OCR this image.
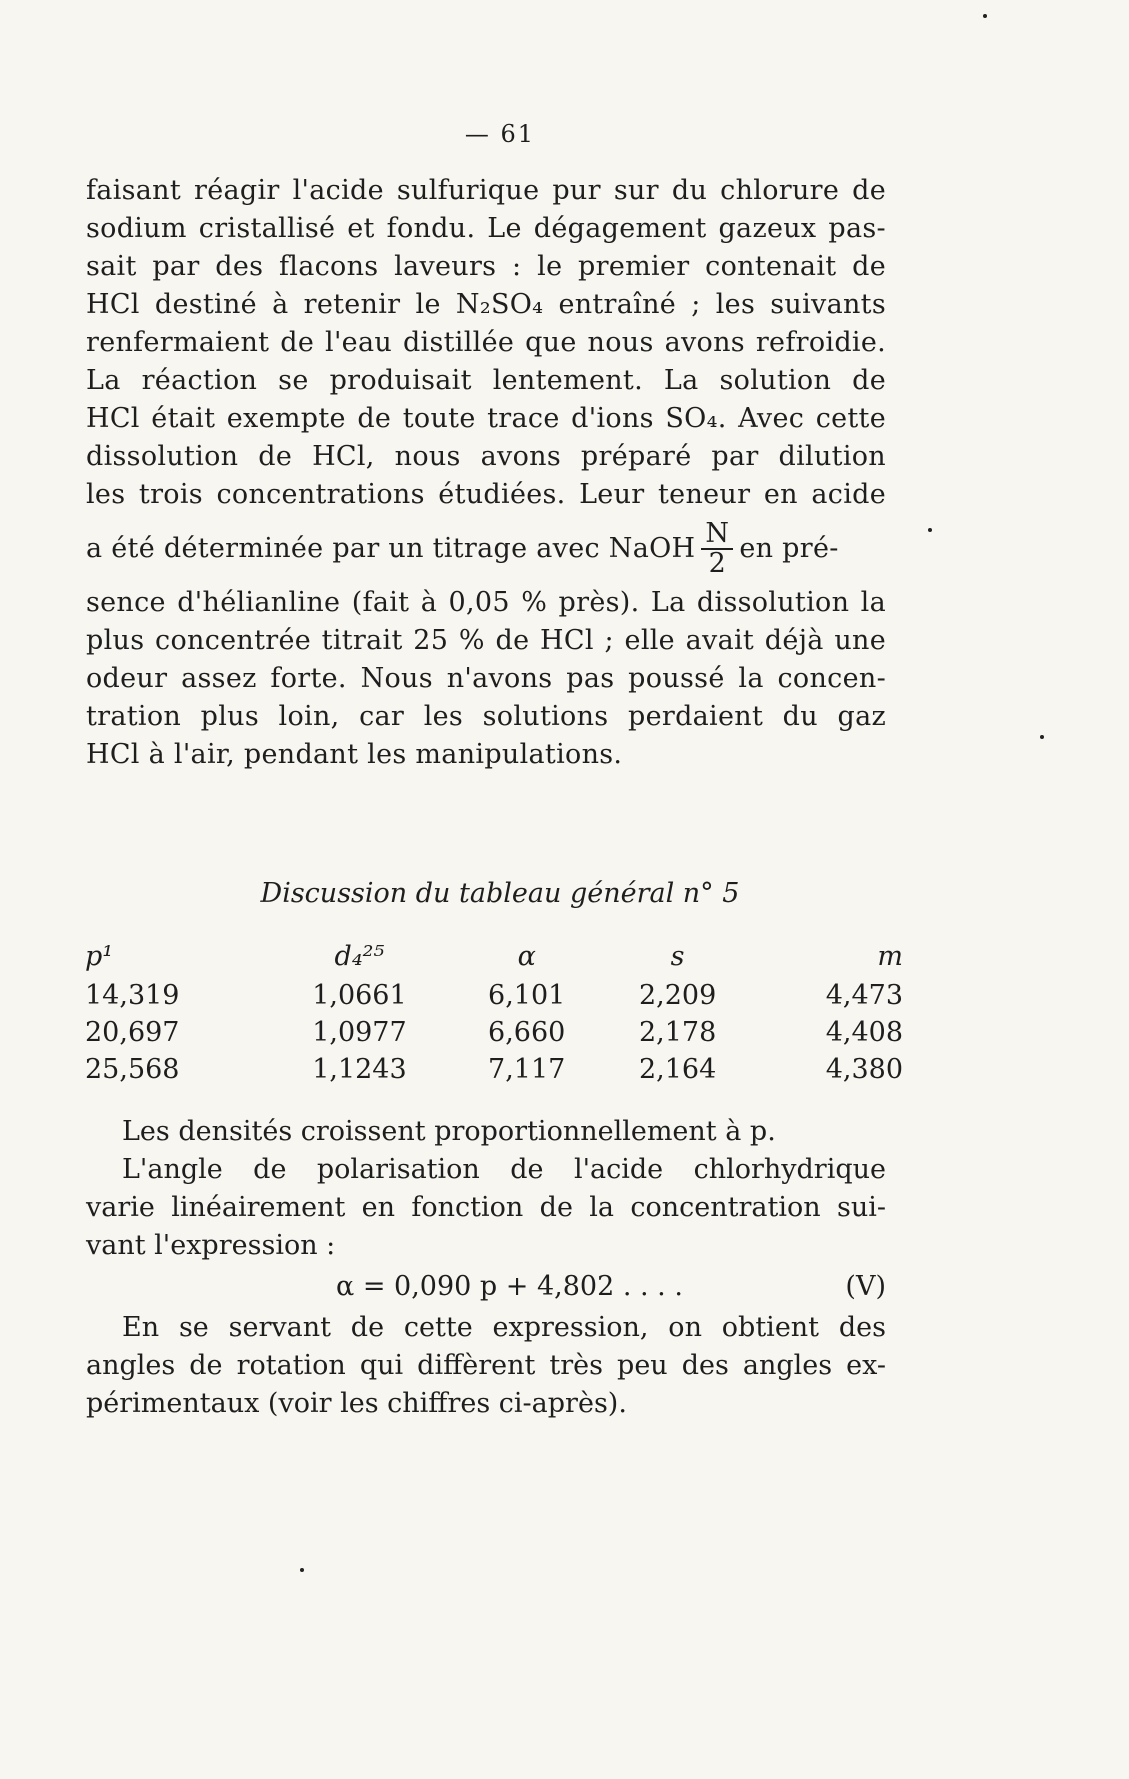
— 61
faisant réagir l'acide sulfurique pur sur du chlorure de
sodium cristallisé et fondu. Le dégagement gazeux pas-
sait par des flacons laveurs : le premier contenait de
HCl destiné à retenir le N₂SO₄ entraîné ; les suivants
renfermaient de l'eau distillée que nous avons refroidie.
La réaction se produisait lentement. La solution de
HCl était exempte de toute trace d'ions SO₄. Avec cette
dissolution de HCl, nous avons préparé par dilution
les trois concentrations étudiées. Leur teneur en acide
a été déterminée par un titrage avec NaOH $\frac{N}{2}$ en pré-
sence d'hélianline (fait à 0,05 % près). La dissolution la
plus concentrée titrait 25 % de HCl ; elle avait déjà une
odeur assez forte. Nous n'avons pas poussé la concen-
tration plus loin, car les solutions perdaient du gaz
HCl à l'air, pendant les manipulations.
Discussion du tableau général n° 5
p¹	d₄²⁵	α	s	m
14,319	1,0661	6,101	2,209	4,473
20,697	1,0977	6,660	2,178	4,408
25,568	1,1243	7,117	2,164	4,380
Les densités croissent proportionnellement à p.
L'angle de polarisation de l'acide chlorhydrique
varie linéairement en fonction de la concentration sui-
vant l'expression :
α = 0,090 p + 4,802 . . . .	(V)
En se servant de cette expression, on obtient des
angles de rotation qui diffèrent très peu des angles ex-
périmentaux (voir les chiffres ci-après).
